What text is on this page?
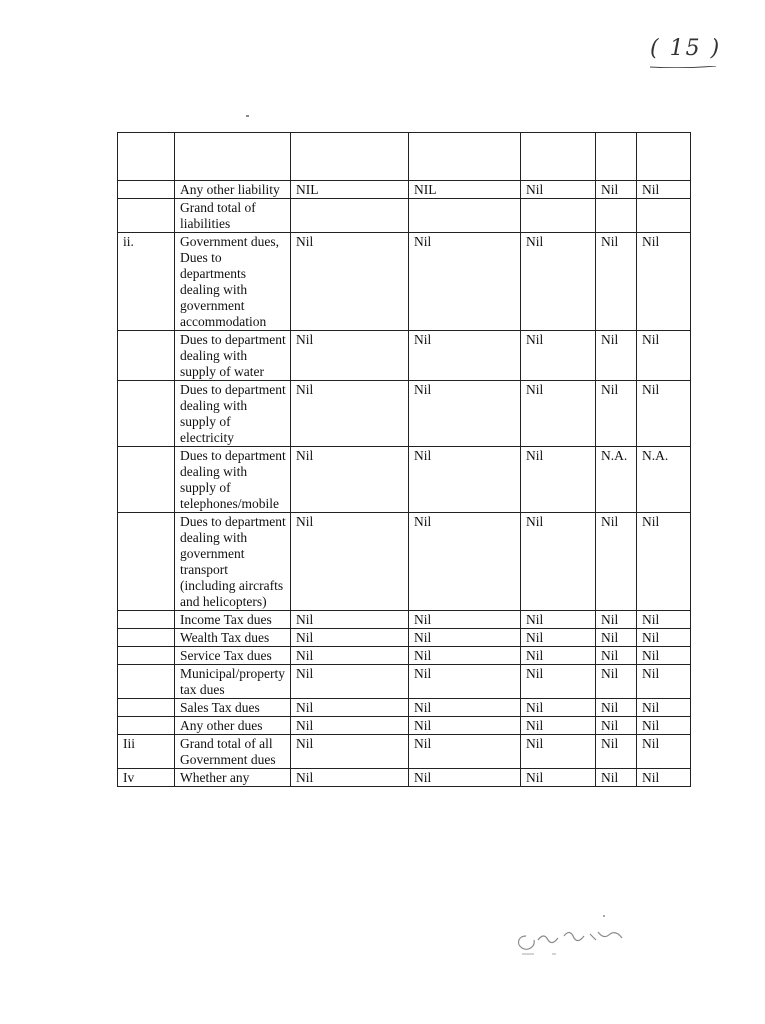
( 15 )

	Any other liability	NIL	NIL	Nil	Nil	Nil
	Grand total of liabilities					
ii.	Government dues, Dues to departments dealing with government accommodation	Nil	Nil	Nil	Nil	Nil
	Dues to department dealing with supply of water	Nil	Nil	Nil	Nil	Nil
	Dues to department dealing with supply of electricity	Nil	Nil	Nil	Nil	Nil
	Dues to department dealing with supply of telephones/mobile	Nil	Nil	Nil	N.A.	N.A.
	Dues to department dealing with government transport (including aircrafts and helicopters)	Nil	Nil	Nil	Nil	Nil
	Income Tax dues	Nil	Nil	Nil	Nil	Nil
	Wealth Tax dues	Nil	Nil	Nil	Nil	Nil
	Service Tax dues	Nil	Nil	Nil	Nil	Nil
	Municipal/property tax dues	Nil	Nil	Nil	Nil	Nil
	Sales Tax dues	Nil	Nil	Nil	Nil	Nil
	Any other dues	Nil	Nil	Nil	Nil	Nil
Iii	Grand total of all Government dues	Nil	Nil	Nil	Nil	Nil
Iv	Whether any	Nil	Nil	Nil	Nil	Nil
